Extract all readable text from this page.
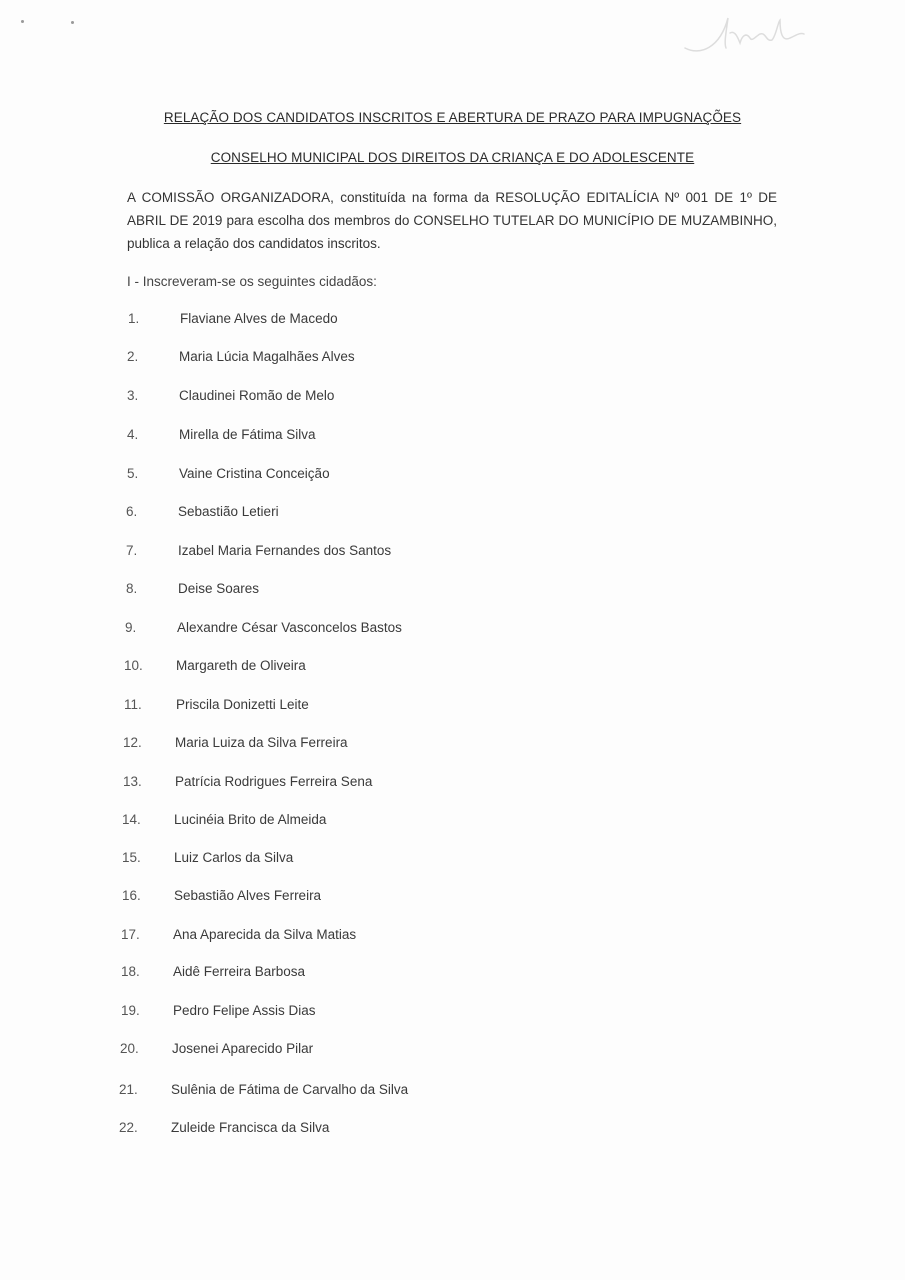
RELAÇÃO DOS CANDIDATOS INSCRITOS E ABERTURA DE PRAZO PARA IMPUGNAÇÕES
CONSELHO MUNICIPAL DOS DIREITOS DA CRIANÇA E DO ADOLESCENTE
A COMISSÃO ORGANIZADORA, constituída na forma da RESOLUÇÃO EDITALÍCIA Nº 001 DE 1º DE ABRIL DE 2019 para escolha dos membros do CONSELHO TUTELAR DO MUNICÍPIO DE MUZAMBINHO, publica a relação dos candidatos inscritos.
I - Inscreveram-se os seguintes cidadãos:
1.	Flaviane Alves de Macedo
2.	Maria Lúcia Magalhães Alves
3.	Claudinei Romão de Melo
4.	Mirella de Fátima Silva
5.	Vaine Cristina Conceição
6.	Sebastião Letieri
7.	Izabel Maria Fernandes dos Santos
8.	Deise Soares
9.	Alexandre César Vasconcelos Bastos
10. Margareth de Oliveira
11.	Priscila Donizetti Leite
12. Maria Luiza da Silva Ferreira
13. Patrícia Rodrigues Ferreira Sena
14. Lucinéia Brito de Almeida
15. Luiz Carlos da Silva
16. Sebastião Alves Ferreira
17. Ana Aparecida da Silva Matias
18. Aidê Ferreira Barbosa
19. Pedro Felipe Assis Dias
20. Josenei Aparecido Pilar
21. Sulênia de Fátima de Carvalho da Silva
22. Zuleide Francisca da Silva
